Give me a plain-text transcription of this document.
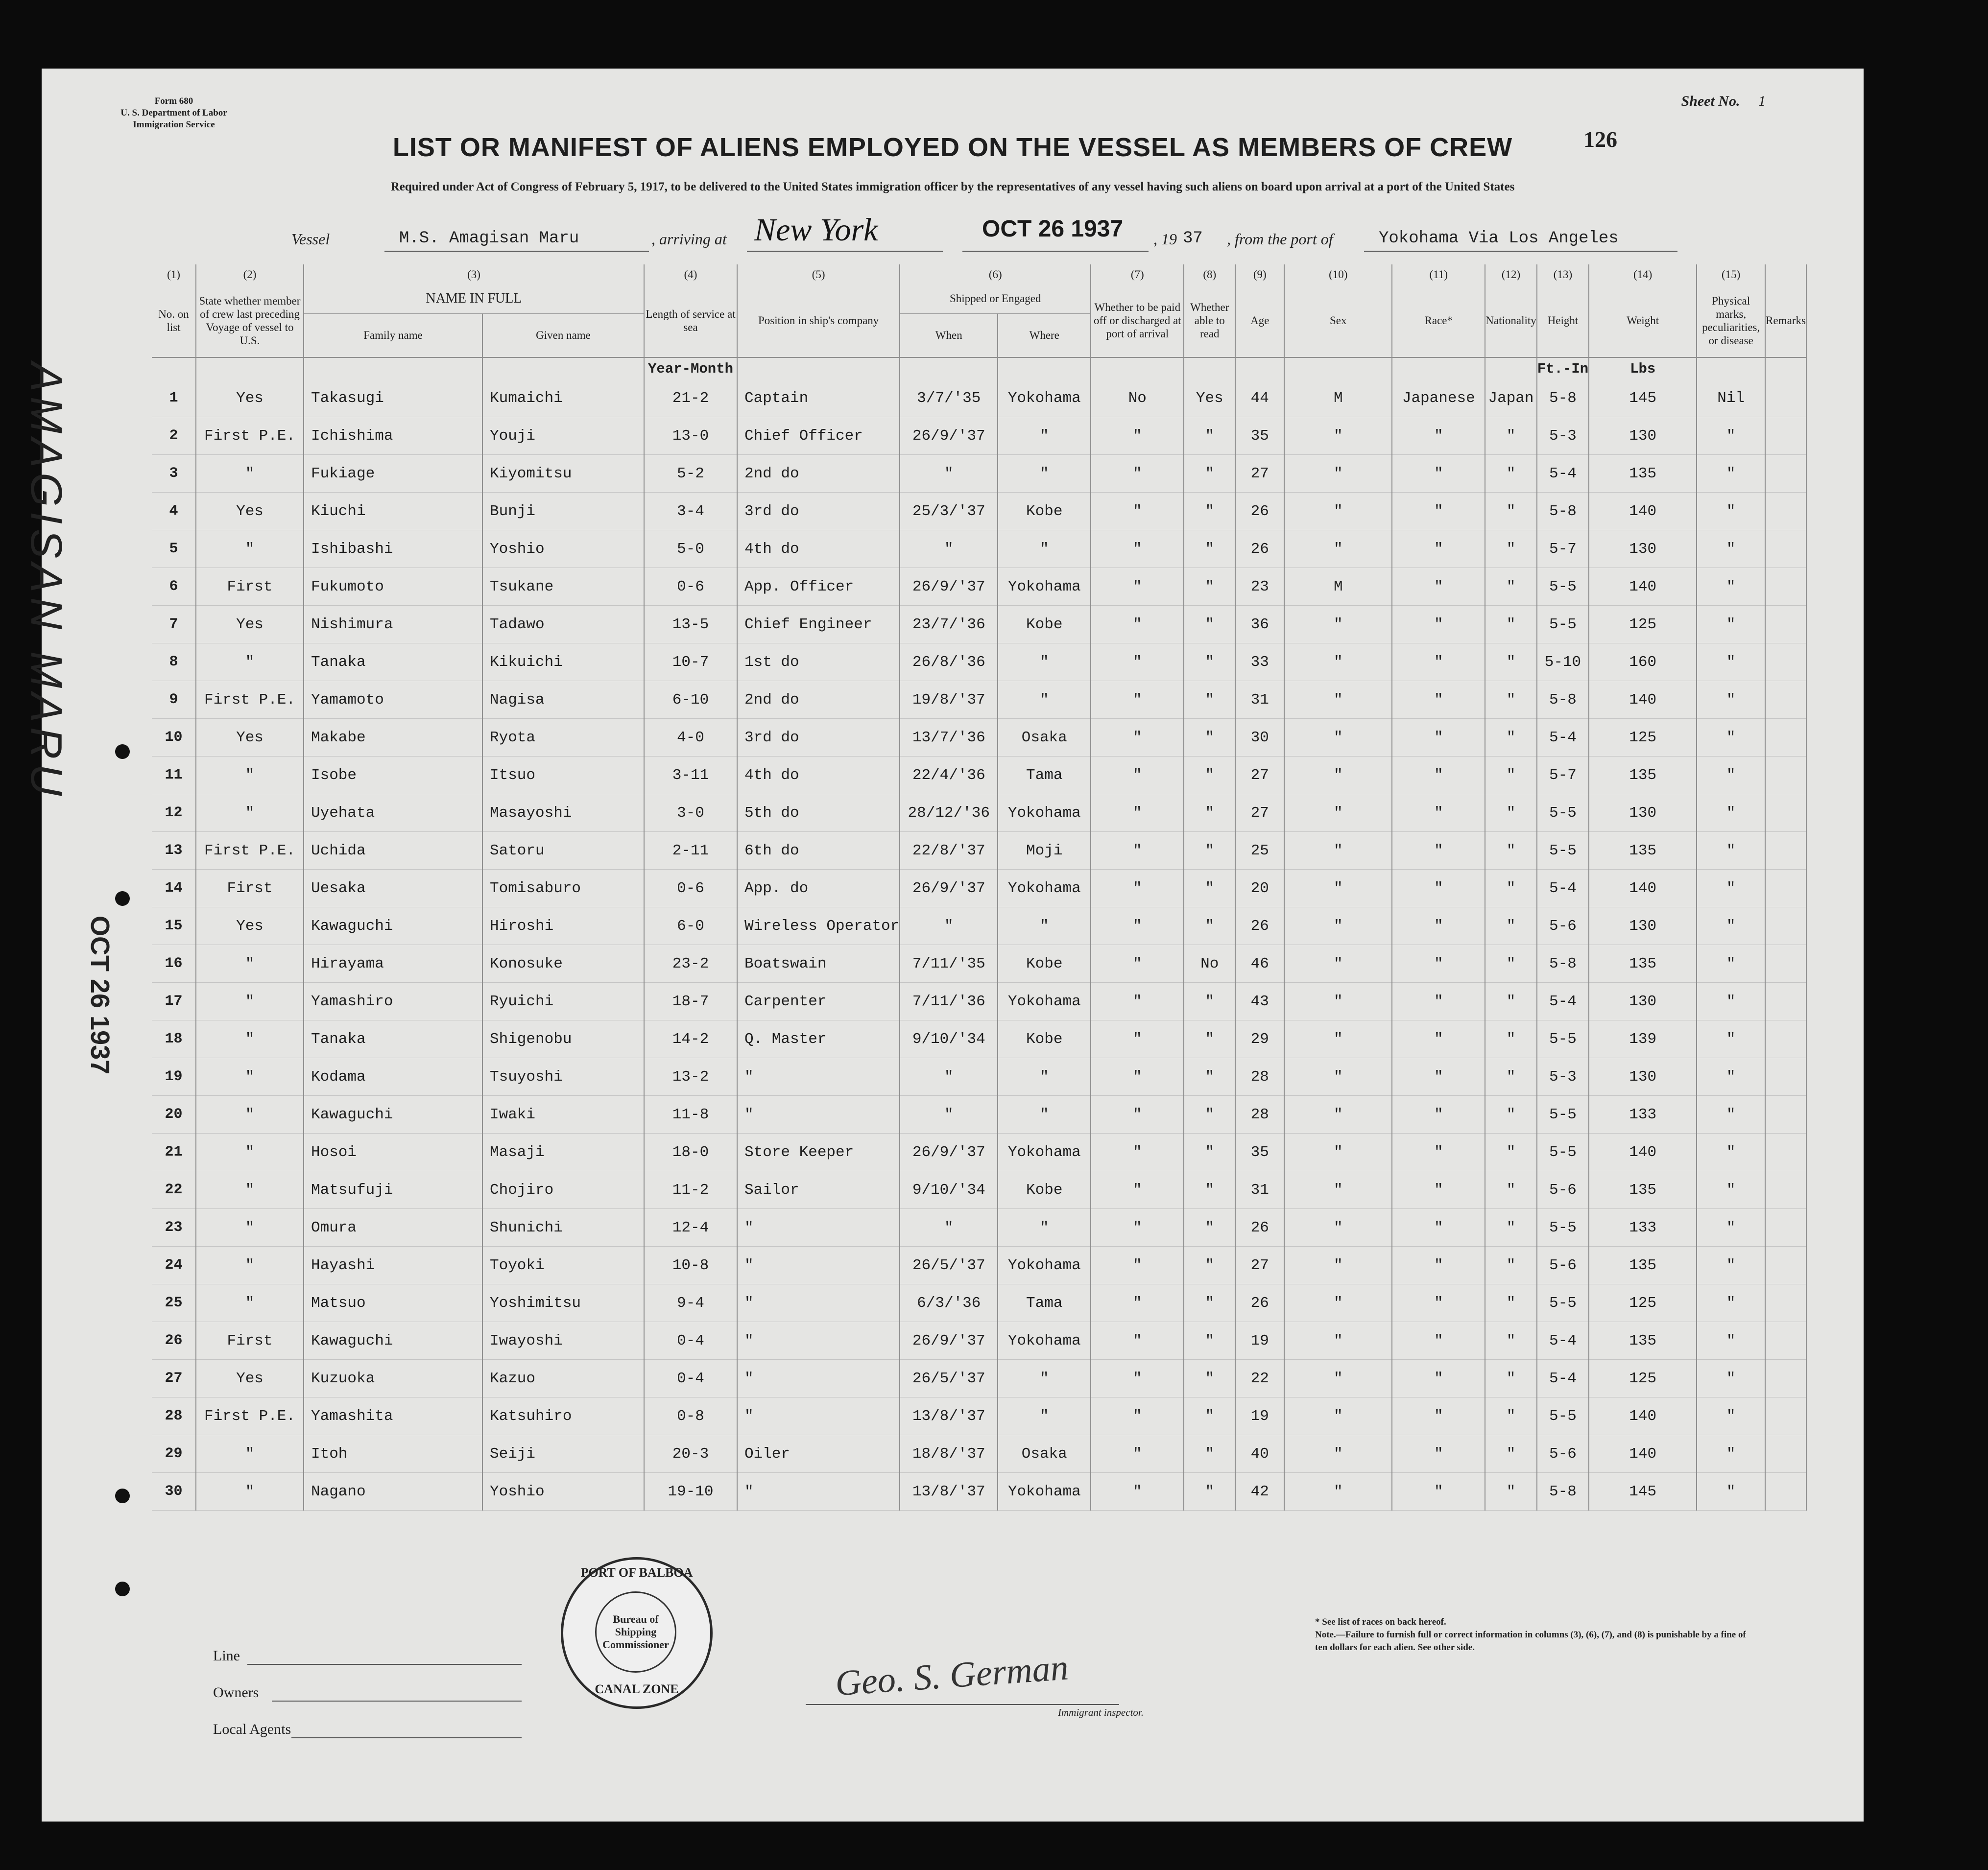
Form 680
U. S. Department of Labor
Immigration Service
Sheet No. 1
126
LIST OR MANIFEST OF ALIENS EMPLOYED ON THE VESSEL AS MEMBERS OF CREW
Required under Act of Congress of February 5, 1917, to be delivered to the United States immigration officer by the representatives of any vessel having such aliens on board upon arrival at a port of the United States
Vessel	M.S. Amagisan Maru	, arriving at New York	OCT 26 1937 , 19 37 , from the port of	Yokohama Via Los Angeles
AMAGISAN MARU
OCT 26 1937
(1)	(2)	(3)		(4)	(5)	(6)		(7)	(8)	(9)	(10)	(11)	(12)	(13)	(14)	(15)	
No. on list	State whether member of crew last preceding Voyage of vessel to U.S.	NAME IN FULL		Length of service at sea	Position in ship's company	Shipped or Engaged		Whether to be paid off or discharged at port of arrival	Whether able to read	Age	Sex	Race*	Nationality	Height	Weight	Physical marks, peculiarities, or disease	Remarks
		Family name	Given name			When	Where										
				Year-Month										Ft.-In	Lbs		
1	Yes	Takasugi	Kumaichi	21-2	Captain	3/7/'35	Yokohama	No	Yes	44	M	Japanese	Japan	5-8	145	Nil	
2	First P.E.	Ichishima	Youji	13-0	Chief Officer	26/9/'37	"	"	"	35	"	"	"	5-3	130	"	
3	"	Fukiage	Kiyomitsu	5-2	2nd do	"	"	"	"	27	"	"	"	5-4	135	"	
4	Yes	Kiuchi	Bunji	3-4	3rd do	25/3/'37	Kobe	"	"	26	"	"	"	5-8	140	"	
5	"	Ishibashi	Yoshio	5-0	4th do	"	"	"	"	26	"	"	"	5-7	130	"	
6	First	Fukumoto	Tsukane	0-6	App. Officer	26/9/'37	Yokohama	"	"	23	M	"	"	5-5	140	"	
7	Yes	Nishimura	Tadawo	13-5	Chief Engineer	23/7/'36	Kobe	"	"	36	"	"	"	5-5	125	"	
8	"	Tanaka	Kikuichi	10-7	1st do	26/8/'36	"	"	"	33	"	"	"	5-10	160	"	
9	First P.E.	Yamamoto	Nagisa	6-10	2nd do	19/8/'37	"	"	"	31	"	"	"	5-8	140	"	
10	Yes	Makabe	Ryota	4-0	3rd do	13/7/'36	Osaka	"	"	30	"	"	"	5-4	125	"	
11	"	Isobe	Itsuo	3-11	4th do	22/4/'36	Tama	"	"	27	"	"	"	5-7	135	"	
12	"	Uyehata	Masayoshi	3-0	5th do	28/12/'36	Yokohama	"	"	27	"	"	"	5-5	130	"	
13	First P.E.	Uchida	Satoru	2-11	6th do	22/8/'37	Moji	"	"	25	"	"	"	5-5	135	"	
14	First	Uesaka	Tomisaburo	0-6	App. do	26/9/'37	Yokohama	"	"	20	"	"	"	5-4	140	"	
15	Yes	Kawaguchi	Hiroshi	6-0	Wireless Operator	"	"	"	"	26	"	"	"	5-6	130	"	
16	"	Hirayama	Konosuke	23-2	Boatswain	7/11/'35	Kobe	"	No	46	"	"	"	5-8	135	"	
17	"	Yamashiro	Ryuichi	18-7	Carpenter	7/11/'36	Yokohama	"	"	43	"	"	"	5-4	130	"	
18	"	Tanaka	Shigenobu	14-2	Q. Master	9/10/'34	Kobe	"	"	29	"	"	"	5-5	139	"	
19	"	Kodama	Tsuyoshi	13-2	"	"	"	"	"	28	"	"	"	5-3	130	"	
20	"	Kawaguchi	Iwaki	11-8	"	"	"	"	"	28	"	"	"	5-5	133	"	
21	"	Hosoi	Masaji	18-0	Store Keeper	26/9/'37	Yokohama	"	"	35	"	"	"	5-5	140	"	
22	"	Matsufuji	Chojiro	11-2	Sailor	9/10/'34	Kobe	"	"	31	"	"	"	5-6	135	"	
23	"	Omura	Shunichi	12-4	"	"	"	"	"	26	"	"	"	5-5	133	"	
24	"	Hayashi	Toyoki	10-8	"	26/5/'37	Yokohama	"	"	27	"	"	"	5-6	135	"	
25	"	Matsuo	Yoshimitsu	9-4	"	6/3/'36	Tama	"	"	26	"	"	"	5-5	125	"	
26	First	Kawaguchi	Iwayoshi	0-4	"	26/9/'37	Yokohama	"	"	19	"	"	"	5-4	135	"	
27	Yes	Kuzuoka	Kazuo	0-4	"	26/5/'37	"	"	"	22	"	"	"	5-4	125	"	
28	First P.E.	Yamashita	Katsuhiro	0-8	"	13/8/'37	"	"	"	19	"	"	"	5-5	140	"	
29	"	Itoh	Seiji	20-3	Oiler	18/8/'37	Osaka	"	"	40	"	"	"	5-6	140	"	
30	"	Nagano	Yoshio	19-10	"	13/8/'37	Yokohama	"	"	42	"	"	"	5-8	145	"	
PORT OF BALBOA
Bureau of Shipping Commissioner
CANAL ZONE
Line
Owners
Local Agents
Geo. S. German
Immigrant inspector.
* See list of races on back hereof.
Note.—Failure to furnish full or correct information in columns (3), (6), (7), and (8) is punishable by a fine of ten dollars for each alien. See other side.
